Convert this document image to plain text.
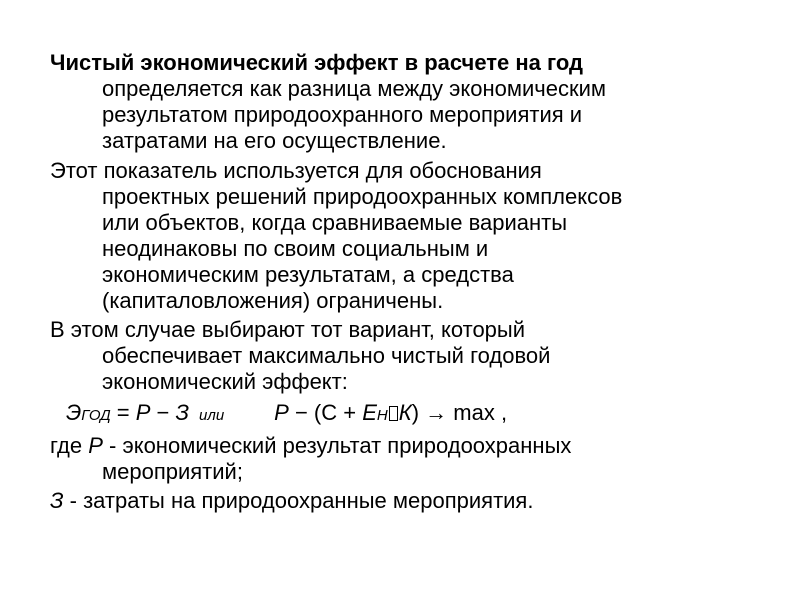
Чистый экономический эффект в расчете на год
определяется как разница между экономическим
результатом природоохранного мероприятия и
затратами на его осуществление.
Этот показатель используется для обоснования
проектных решений природоохранных комплексов
или объектов, когда сравниваемые варианты
неодинаковы по своим социальным и
экономическим результатам, а средства
(капиталовложения) ограничены.
В этом случае выбирают тот вариант, который
обеспечивает максимально чистый годовой
экономический эффект:
ЭГОД = Р − З или Р − (С + ЕН К) → max ,
где Р - экономический результат природоохранных
мероприятий;
З - затраты на природоохранные мероприятия.
